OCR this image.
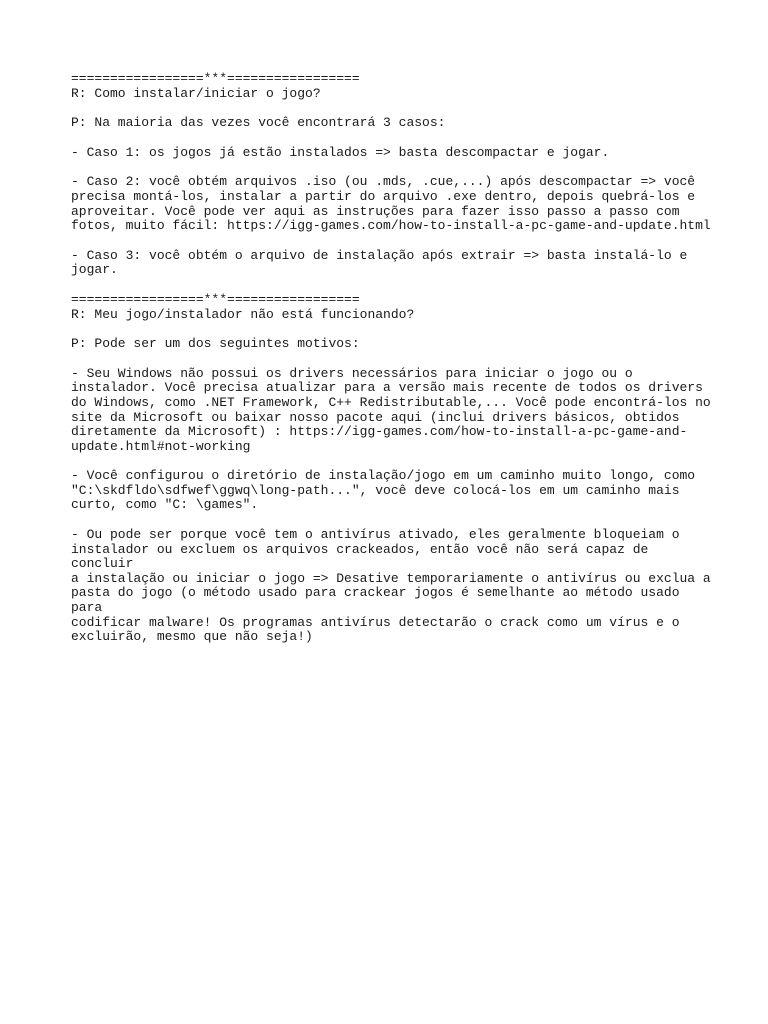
=================***=================
R: Como instalar/iniciar o jogo?
P: Na maioria das vezes você encontrará 3 casos:
- Caso 1: os jogos já estão instalados => basta descompactar e jogar.
- Caso 2: você obtém arquivos .iso (ou .mds, .cue,...) após descompactar => você
precisa montá-los, instalar a partir do arquivo .exe dentro, depois quebrá-los e
aproveitar. Você pode ver aqui as instruções para fazer isso passo a passo com
fotos, muito fácil: https://igg-games.com/how-to-install-a-pc-game-and-update.html
- Caso 3: você obtém o arquivo de instalação após extrair => basta instalá-lo e
jogar.
=================***=================
R: Meu jogo/instalador não está funcionando?
P: Pode ser um dos seguintes motivos:
- Seu Windows não possui os drivers necessários para iniciar o jogo ou o
instalador. Você precisa atualizar para a versão mais recente de todos os drivers
do Windows, como .NET Framework, C++ Redistributable,... Você pode encontrá-los no
site da Microsoft ou baixar nosso pacote aqui (inclui drivers básicos, obtidos
diretamente da Microsoft) : https://igg-games.com/how-to-install-a-pc-game-and-
update.html#not-working
- Você configurou o diretório de instalação/jogo em um caminho muito longo, como
"C:\skdfldo\sdfwef\ggwq\long-path...", você deve colocá-los em um caminho mais
curto, como "C: \games".
- Ou pode ser porque você tem o antivírus ativado, eles geralmente bloqueiam o
instalador ou excluem os arquivos crackeados, então você não será capaz de concluir
a instalação ou iniciar o jogo => Desative temporariamente o antivírus ou exclua a
pasta do jogo (o método usado para crackear jogos é semelhante ao método usado para
codificar malware! Os programas antivírus detectarão o crack como um vírus e o
excluirão, mesmo que não seja!)
